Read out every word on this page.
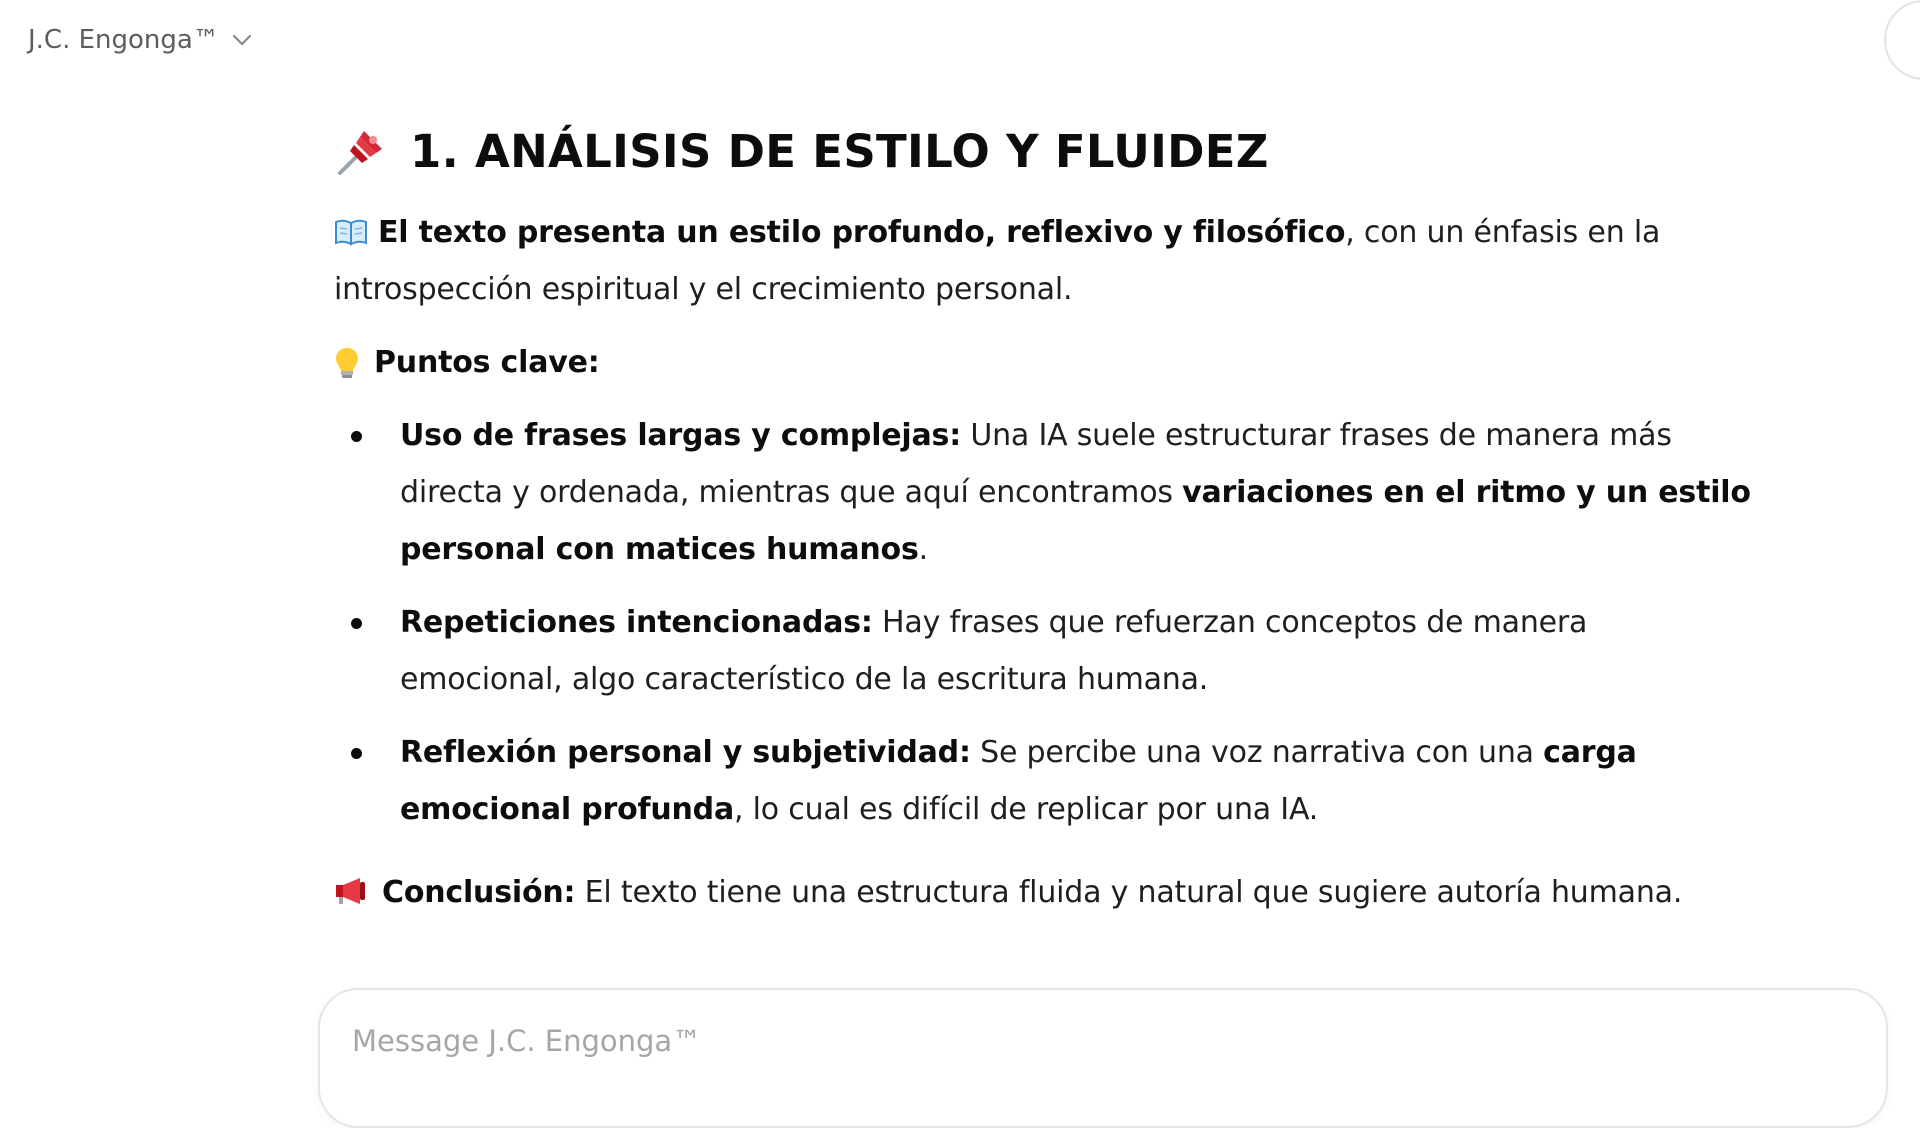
J.C. Engonga™
1. ANÁLISIS DE ESTILO Y FLUIDEZ

El texto presenta un estilo profundo, reflexivo y filosófico, con un énfasis en la introspección espiritual y el crecimiento personal.

Puntos clave:

Uso de frases largas y complejas: Una IA suele estructurar frases de manera más directa y ordenada, mientras que aquí encontramos variaciones en el ritmo y un estilo personal con matices humanos.
Repeticiones intencionadas: Hay frases que refuerzan conceptos de manera emocional, algo característico de la escritura humana.
Reflexión personal y subjetividad: Se percibe una voz narrativa con una carga emocional profunda, lo cual es difícil de replicar por una IA.

Conclusión: El texto tiene una estructura fluida y natural que sugiere autoría humana.

Message J.C. Engonga™
